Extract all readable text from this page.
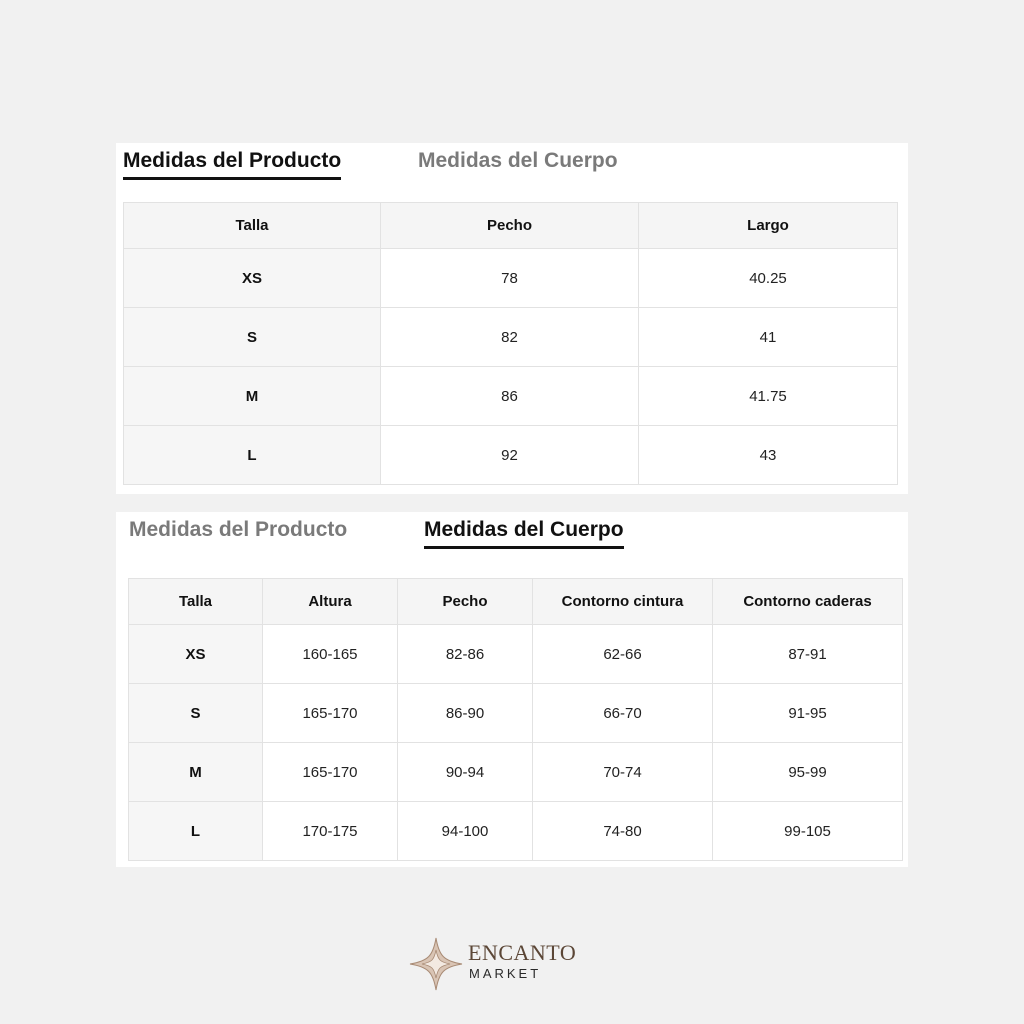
Medidas del Producto	Medidas del Cuerpo
Talla	Pecho	Largo
XS	78	40.25
S	82	41
M	86	41.75
L	92	43
Medidas del Producto	Medidas del Cuerpo
Talla	Altura	Pecho	Contorno cintura	Contorno caderas
XS	160-165	82-86	62-66	87-91
S	165-170	86-90	66-70	91-95
M	165-170	90-94	70-74	95-99
L	170-175	94-100	74-80	99-105
ENCANTO
MARKET
